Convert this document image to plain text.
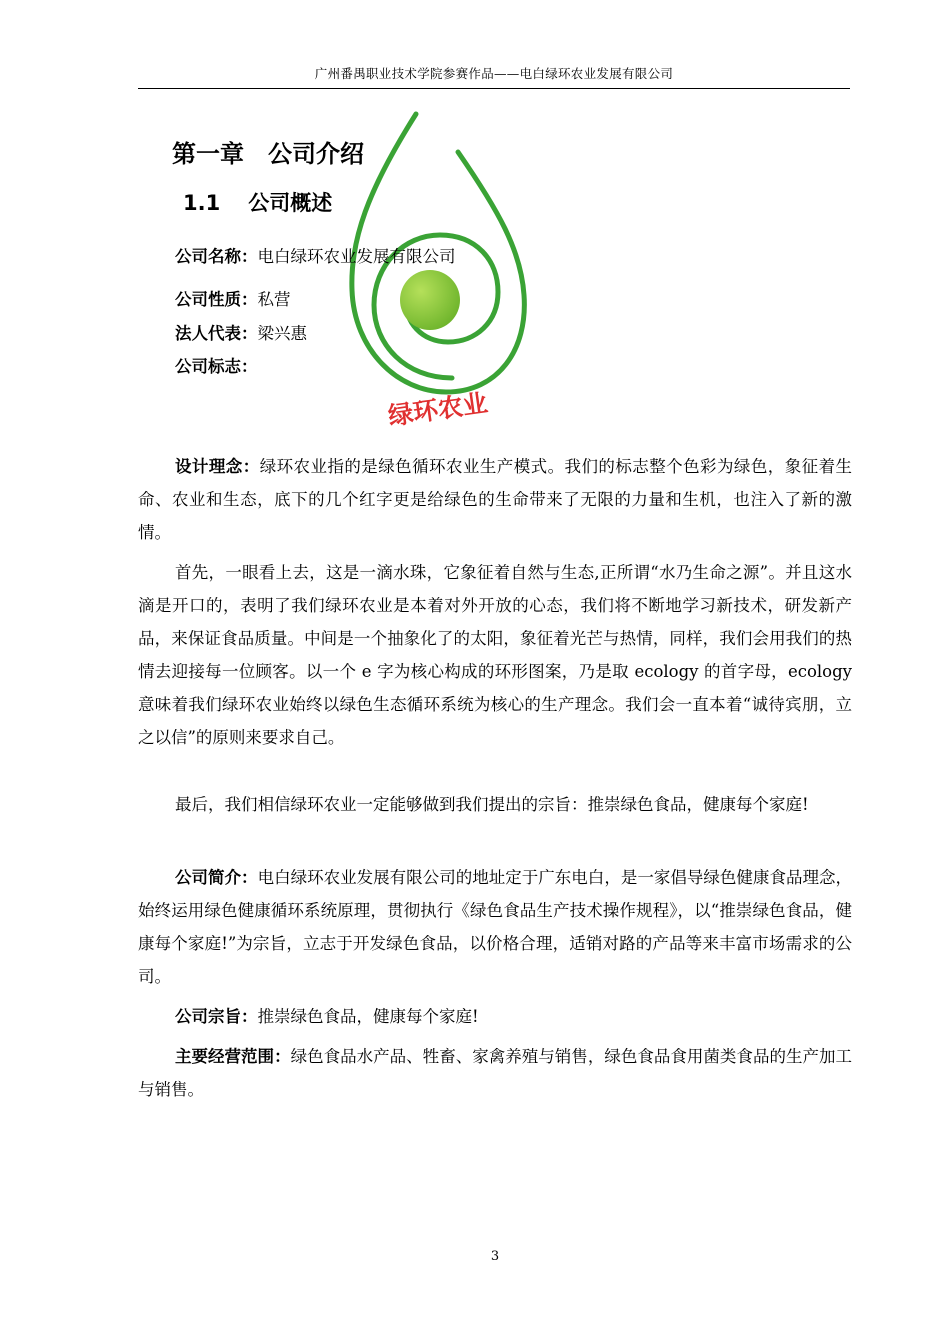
广州番禺职业技术学院参赛作品——电白绿环农业发展有限公司
绿环农业
第一章　公司介绍
1.1 公司概述
公司名称：电白绿环农业发展有限公司
公司性质：私营
法人代表：梁兴惠
公司标志：

设计理念：绿环农业指的是绿色循环农业生产模式。我们的标志整个色彩为绿色，象征着生命、农业和生态，底下的几个红字更是给绿色的生命带来了无限的力量和生机，也注入了新的激情。

首先，一眼看上去，这是一滴水珠，它象征着自然与生态,正所谓“水乃生命之源”。并且这水滴是开口的，表明了我们绿环农业是本着对外开放的心态，我们将不断地学习新技术，研发新产品，来保证食品质量。中间是一个抽象化了的太阳，象征着光芒与热情，同样，我们会用我们的热情去迎接每一位顾客。以一个 e 字为核心构成的环形图案，乃是取 ecology 的首字母，ecology 意味着我们绿环农业始终以绿色生态循环系统为核心的生产理念。我们会一直本着“诚待宾朋，立之以信”的原则来要求自己。

最后，我们相信绿环农业一定能够做到我们提出的宗旨：推崇绿色食品，健康每个家庭!

公司简介：电白绿环农业发展有限公司的地址定于广东电白，是一家倡导绿色健康食品理念，始终运用绿色健康循环系统原理，贯彻执行《绿色食品生产技术操作规程》，以“推崇绿色食品，健康每个家庭!”为宗旨，立志于开发绿色食品，以价格合理，适销对路的产品等来丰富市场需求的公司。

公司宗旨：推崇绿色食品，健康每个家庭!

主要经营范围：绿色食品水产品、牲畜、家禽养殖与销售，绿色食品食用菌类食品的生产加工与销售。

3
